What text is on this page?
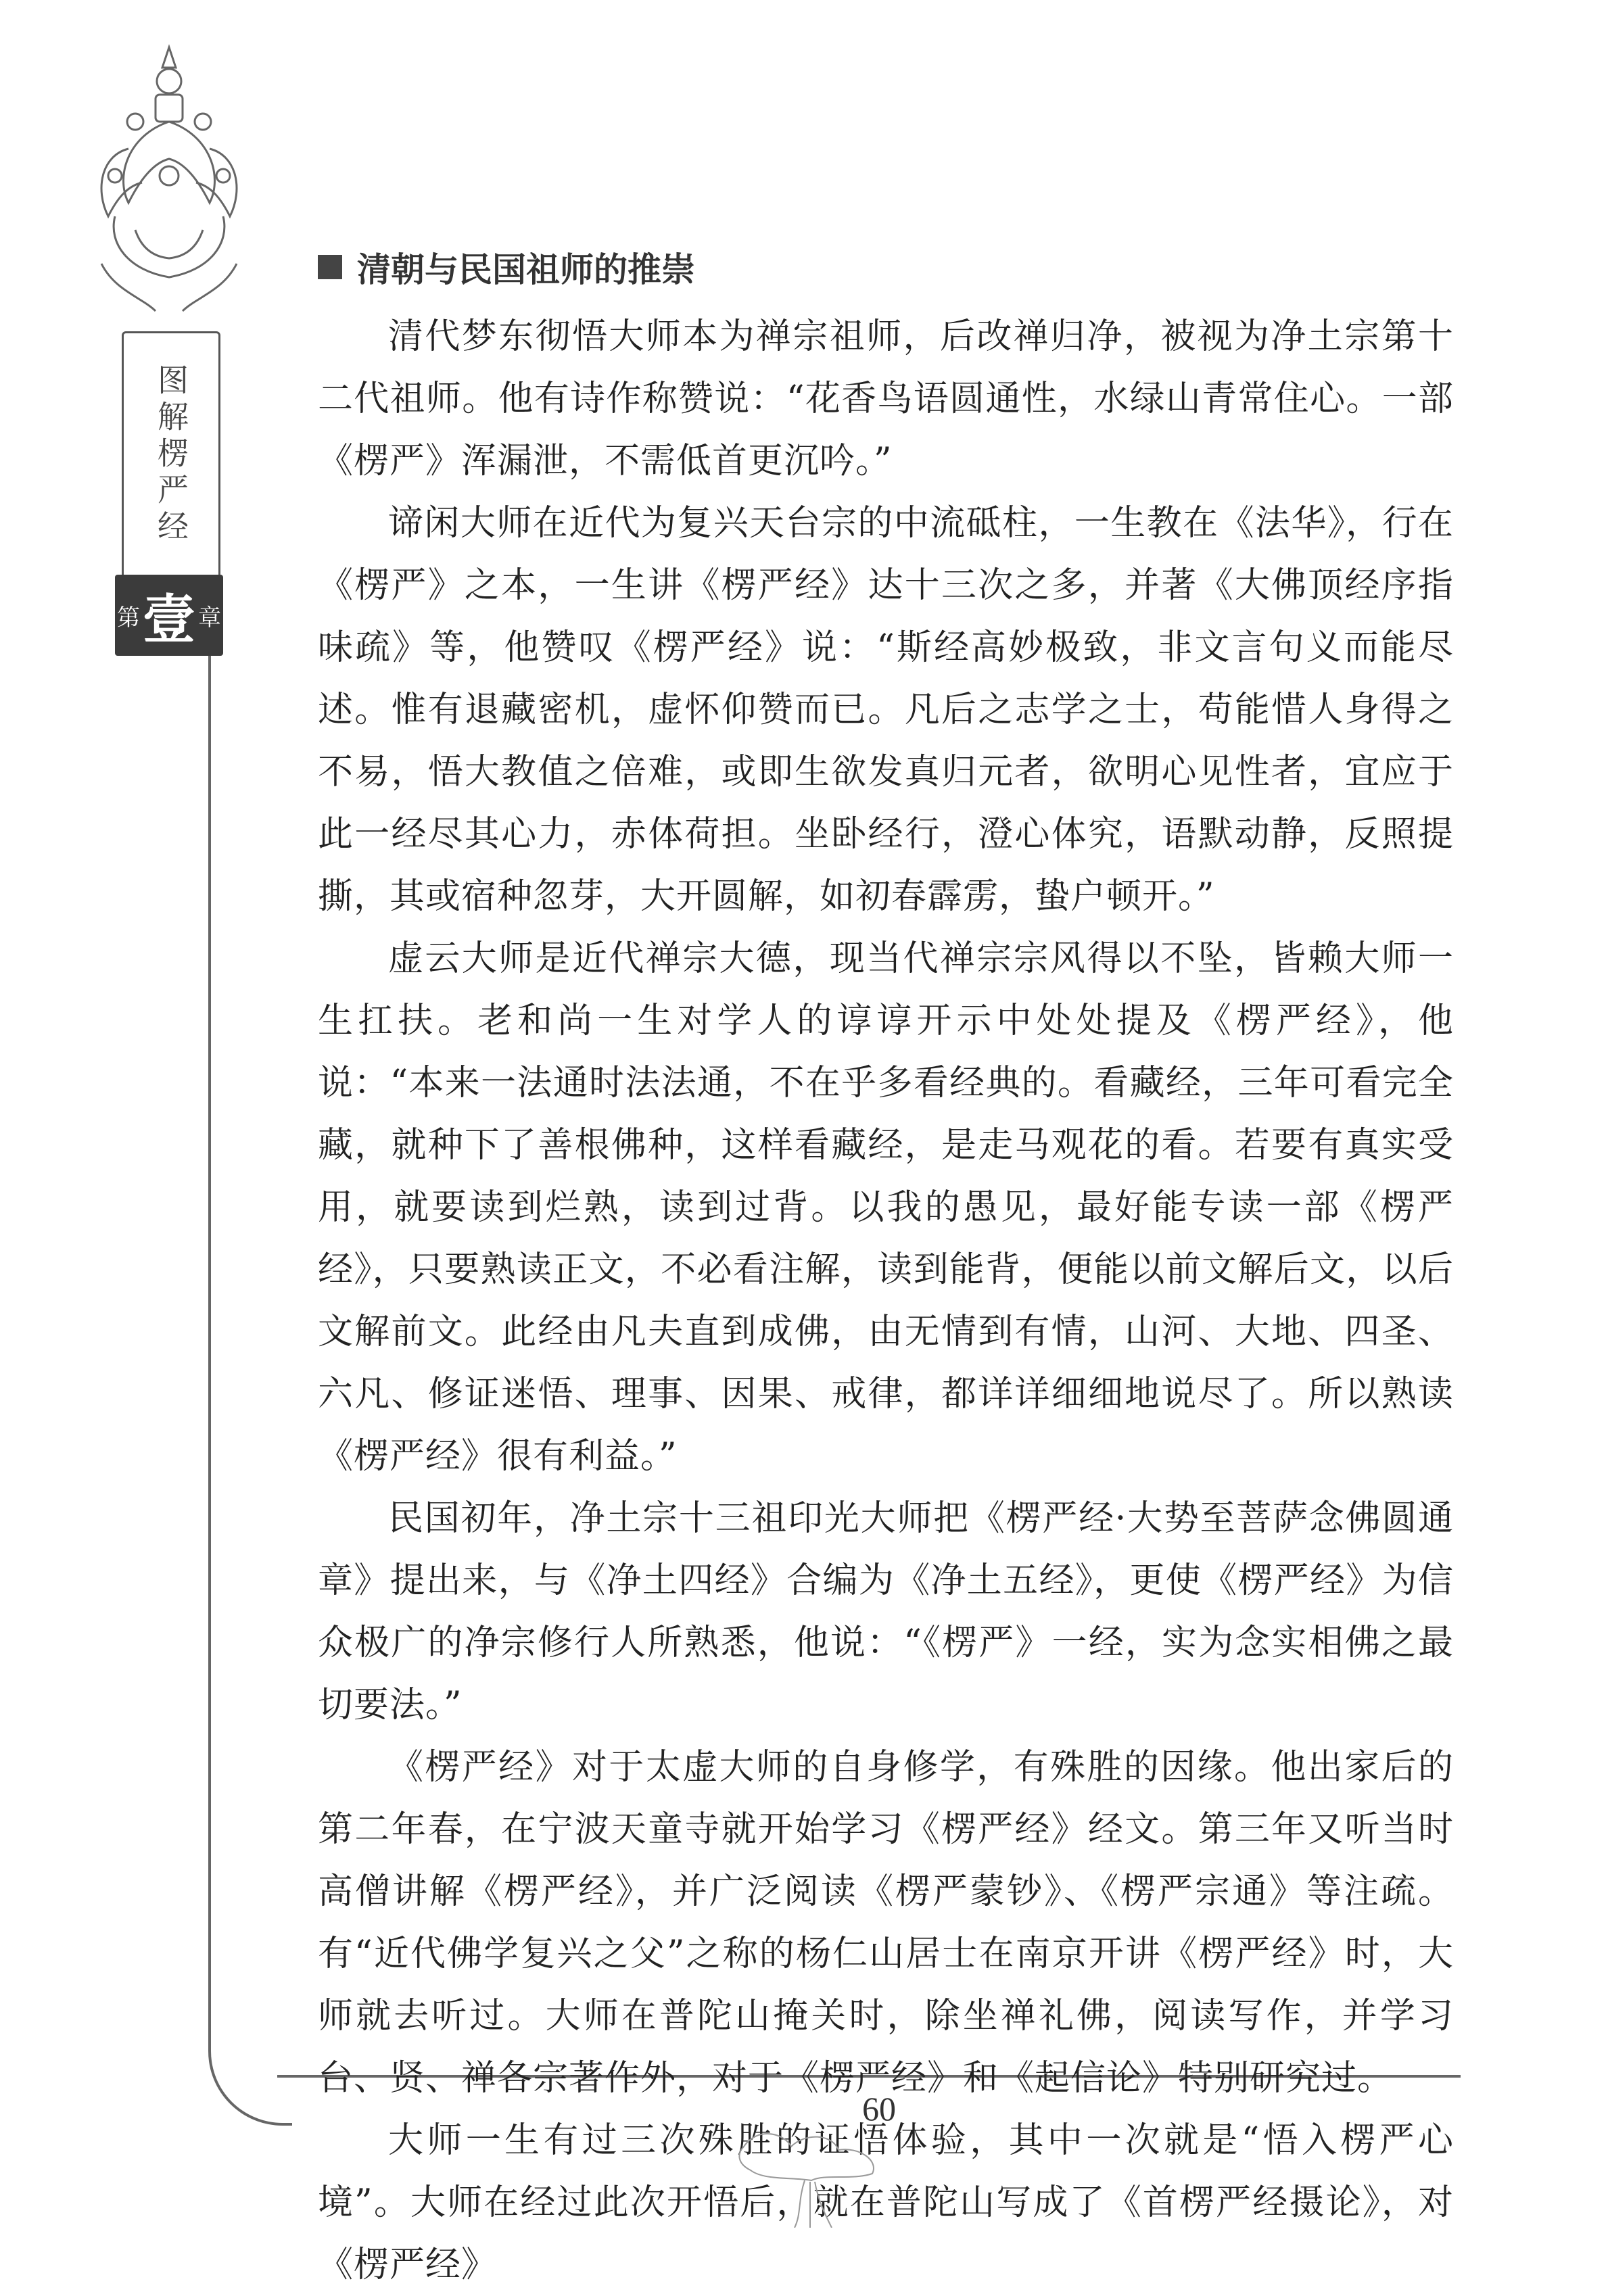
图解楞严经
第 壹 章
清朝与民国祖师的推崇

清代梦东彻悟大师本为禅宗祖师，后改禅归净，被视为净土宗第十二代祖师。他有诗作称赞说：“花香鸟语圆通性，水绿山青常住心。一部《楞严》浑漏泄，不需低首更沉吟。”

谛闲大师在近代为复兴天台宗的中流砥柱，一生教在《法华》，行在《楞严》之本，一生讲《楞严经》达十三次之多，并著《大佛顶经序指味疏》等，他赞叹《楞严经》说：“斯经高妙极致，非文言句义而能尽述。惟有退藏密机，虚怀仰赞而已。凡后之志学之士，苟能惜人身得之不易，悟大教值之倍难，或即生欲发真归元者，欲明心见性者，宜应于此一经尽其心力，赤体荷担。坐卧经行，澄心体究，语默动静，反照提撕，其或宿种忽芽，大开圆解，如初春霹雳，蛰户顿开。”

虚云大师是近代禅宗大德，现当代禅宗宗风得以不坠，皆赖大师一生扛扶。老和尚一生对学人的谆谆开示中处处提及《楞严经》，他说：“本来一法通时法法通，不在乎多看经典的。看藏经，三年可看完全藏，就种下了善根佛种，这样看藏经，是走马观花的看。若要有真实受用，就要读到烂熟，读到过背。以我的愚见，最好能专读一部《楞严经》，只要熟读正文，不必看注解，读到能背，便能以前文解后文，以后文解前文。此经由凡夫直到成佛，由无情到有情，山河、大地、四圣、六凡、修证迷悟、理事、因果、戒律，都详详细细地说尽了。所以熟读《楞严经》很有利益。”

民国初年，净土宗十三祖印光大师把《楞严经·大势至菩萨念佛圆通章》提出来，与《净土四经》合编为《净土五经》，更使《楞严经》为信众极广的净宗修行人所熟悉，他说：“《楞严》一经，实为念实相佛之最切要法。”

《楞严经》对于太虚大师的自身修学，有殊胜的因缘。他出家后的第二年春，在宁波天童寺就开始学习《楞严经》经文。第三年又听当时高僧讲解《楞严经》，并广泛阅读《楞严蒙钞》、《楞严宗通》等注疏。有“近代佛学复兴之父”之称的杨仁山居士在南京开讲《楞严经》时，大师就去听过。大师在普陀山掩关时，除坐禅礼佛，阅读写作，并学习台、贤、禅各宗著作外，对于《楞严经》和《起信论》特别研究过。

大师一生有过三次殊胜的证悟体验，其中一次就是“悟入楞严心境”。大师在经过此次开悟后，就在普陀山写成了《首楞严经摄论》，对《楞严经》

60
